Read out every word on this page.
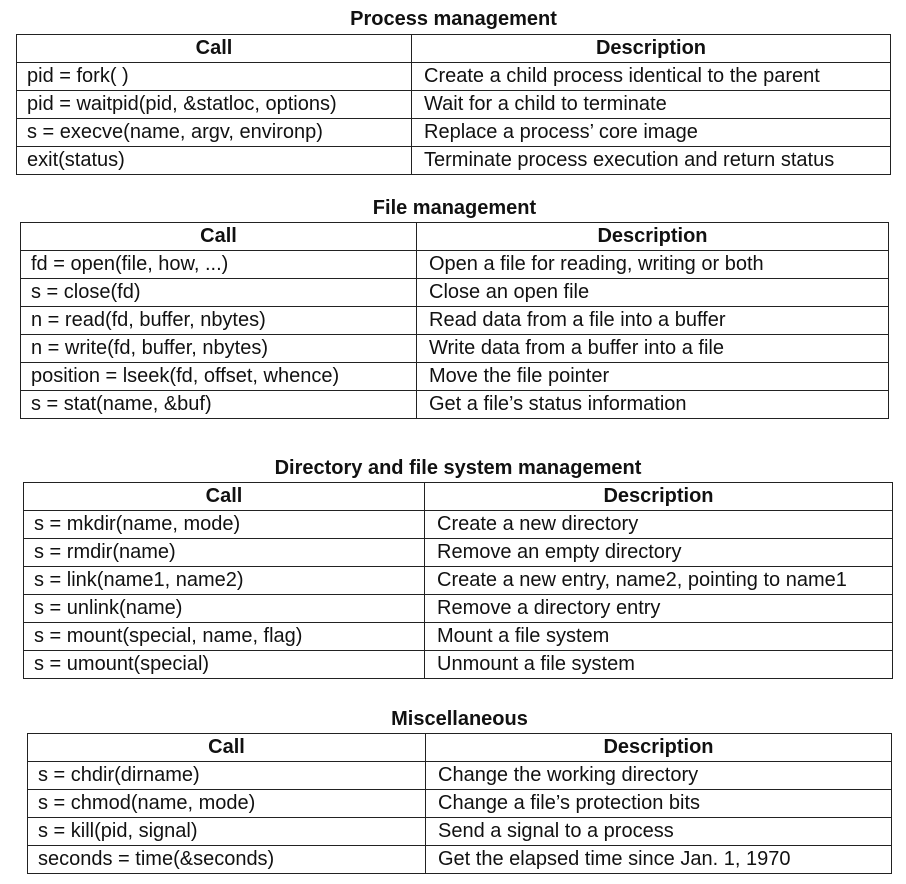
Process management
Call	Description
pid = fork( )	Create a child process identical to the parent
pid = waitpid(pid, &statloc, options)	Wait for a child to terminate
s = execve(name, argv, environp)	Replace a process’ core image
exit(status)	Terminate process execution and return status
File management
Call	Description
fd = open(file, how, ...)	Open a file for reading, writing or both
s = close(fd)	Close an open file
n = read(fd, buffer, nbytes)	Read data from a file into a buffer
n = write(fd, buffer, nbytes)	Write data from a buffer into a file
position = lseek(fd, offset, whence)	Move the file pointer
s = stat(name, &buf)	Get a file’s status information
Directory and file system management
Call	Description
s = mkdir(name, mode)	Create a new directory
s = rmdir(name)	Remove an empty directory
s = link(name1, name2)	Create a new entry, name2, pointing to name1
s = unlink(name)	Remove a directory entry
s = mount(special, name, flag)	Mount a file system
s = umount(special)	Unmount a file system
Miscellaneous
Call	Description
s = chdir(dirname)	Change the working directory
s = chmod(name, mode)	Change a file’s protection bits
s = kill(pid, signal)	Send a signal to a process
seconds = time(&seconds)	Get the elapsed time since Jan. 1, 1970
